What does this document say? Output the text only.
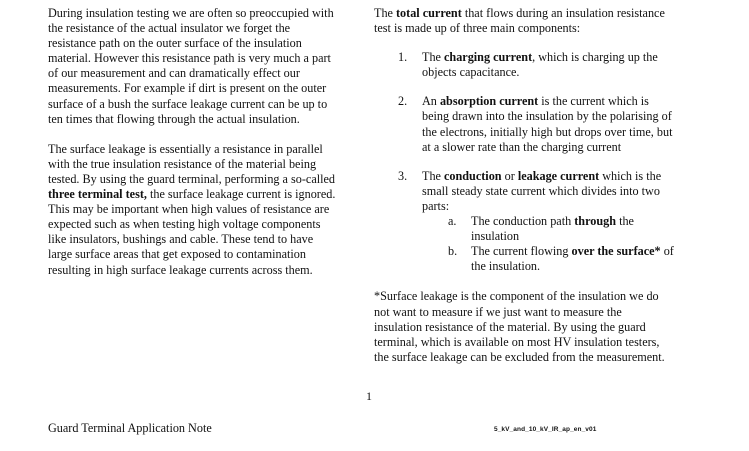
During insulation testing we are often so preoccupied with

the resistance of the actual insulator we forget the

resistance path on the outer surface of the insulation

material. However this resistance path is very much a part

of our measurement and can dramatically effect our

measurements. For example if dirt is present on the outer

surface of a bush the surface leakage current can be up to

ten times that flowing through the actual insulation.

The surface leakage is essentially a resistance in parallel

with the true insulation resistance of the material being

tested. By using the guard terminal, performing a so-called

three terminal test, the surface leakage current is ignored.

This may be important when high values of resistance are

expected such as when testing high voltage components

like insulators, bushings and cable. These tend to have

large surface areas that get exposed to contamination

resulting in high surface leakage currents across them.

The total current that flows during an insulation resistance

test is made up of three main components:

1. The charging current, which is charging up the

objects capacitance.

2. An absorption current is the current which is

being drawn into the insulation by the polarising of

the electrons, initially high but drops over time, but

at a slower rate than the charging current

3. The conduction or leakage current which is the

small steady state current which divides into two

parts:

a. The conduction path through the

insulation

b. The current flowing over the surface* of

the insulation.

*Surface leakage is the component of the insulation we do

not want to measure if we just want to measure the

insulation resistance of the material. By using the guard

terminal, which is available on most HV insulation testers,

the surface leakage can be excluded from the measurement.

1
Guard Terminal Application Note	5_kV_and_10_kV_IR_ap_en_v01
